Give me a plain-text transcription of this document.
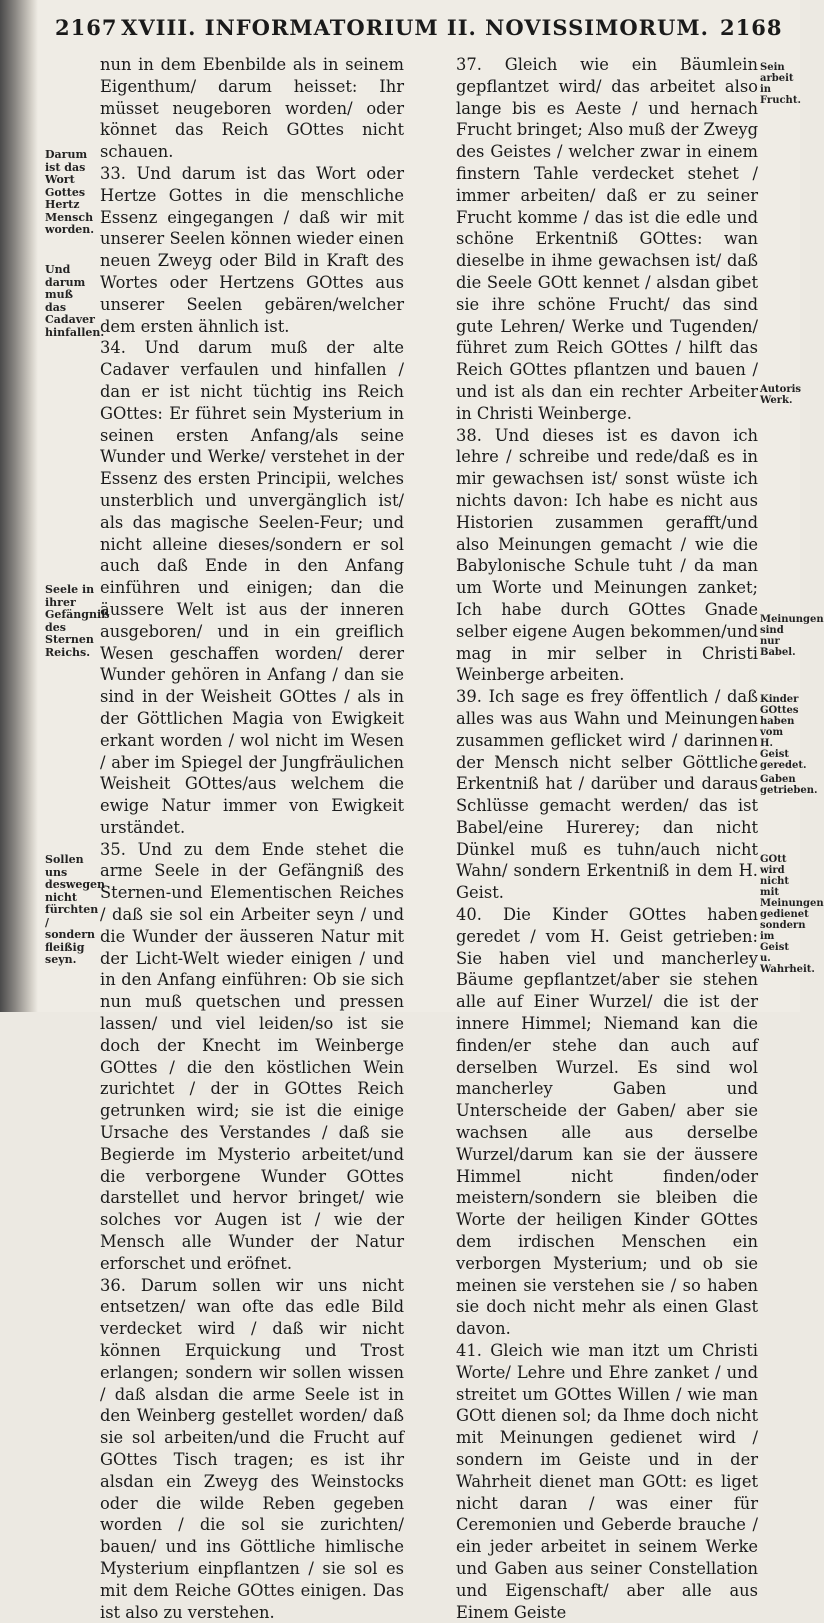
2167 XVIII. INFORMATORIUM II. NOVISSIMORUM. 2168
Darum ist das Wort Gottes Hertz Mensch worden.
Und darum muß das Cadaver hinfallen.
Seele in ihrer Gefängniß des Sternen Reichs.
Sollen uns deswegen nicht fürchten / sondern fleißig seyn.

nun in dem Ebenbilde als in seinem Eigenthum/ darum heisset: Ihr müsset neugeboren worden/ oder könnet das Reich GOttes nicht schauen.

33. Und darum ist das Wort oder Hertze Gottes in die menschliche Essenz eingegangen / daß wir mit unserer Seelen können wieder einen neuen Zweyg oder Bild in Kraft des Wortes oder Hertzens GOttes aus unserer Seelen gebären/welcher dem ersten ähnlich ist.

34. Und darum muß der alte Cadaver verfaulen und hinfallen / dan er ist nicht tüchtig ins Reich GOttes: Er führet sein Mysterium in seinen ersten Anfang/als seine Wunder und Werke/ verstehet in der Essenz des ersten Principii, welches unsterblich und unvergänglich ist/ als das magische Seelen-Feur; und nicht alleine dieses/sondern er sol auch daß Ende in den Anfang einführen und einigen; dan die äussere Welt ist aus der inneren ausgeboren/ und in ein greiflich Wesen geschaffen worden/ derer Wunder gehören in Anfang / dan sie sind in der Weisheit GOttes / als in der Göttlichen Magia von Ewigkeit erkant worden / wol nicht im Wesen / aber im Spiegel der Jungfräulichen Weisheit GOttes/aus welchem die ewige Natur immer von Ewigkeit urständet.

35. Und zu dem Ende stehet die arme Seele in der Gefängniß des Sternen-und Elementischen Reiches / daß sie sol ein Arbeiter seyn / und die Wunder der äusseren Natur mit der Licht-Welt wieder einigen / und in den Anfang einführen: Ob sie sich nun muß quetschen und pressen lassen/ und viel leiden/so ist sie doch der Knecht im Weinberge GOttes / die den köstlichen Wein zurichtet / der in GOttes Reich getrunken wird; sie ist die einige Ursache des Verstandes / daß sie Begierde im Mysterio arbeitet/und die verborgene Wunder GOttes darstellet und hervor bringet/ wie solches vor Augen ist / wie der Mensch alle Wunder der Natur erforschet und eröfnet.

36. Darum sollen wir uns nicht entsetzen/ wan ofte das edle Bild verdecket wird / daß wir nicht können Erquickung und Trost erlangen; sondern wir sollen wissen / daß alsdan die arme Seele ist in den Weinberg gestellet worden/ daß sie sol arbeiten/und die Frucht auf GOttes Tisch tragen; es ist ihr alsdan ein Zweyg des Weinstocks oder die wilde Reben gegeben worden / die sol sie zurichten/ bauen/ und ins Göttliche himlische Mysterium einpflantzen / sie sol es mit dem Reiche GOttes einigen. Das ist also zu verstehen.

37. Gleich wie ein Bäumlein gepflantzet wird/ das arbeitet also lange bis es Aeste / und hernach Frucht bringet; Also muß der Zweyg des Geistes / welcher zwar in einem finstern Tahle verdecket stehet / immer arbeiten/ daß er zu seiner Frucht komme / das ist die edle und schöne Erkentniß GOttes: wan dieselbe in ihme gewachsen ist/ daß die Seele GOtt kennet / alsdan gibet sie ihre schöne Frucht/ das sind gute Lehren/ Werke und Tugenden/ führet zum Reich GOttes / hilft das Reich GOttes pflantzen und bauen / und ist als dan ein rechter Arbeiter in Christi Weinberge.

38. Und dieses ist es davon ich lehre / schreibe und rede/daß es in mir gewachsen ist/ sonst wüste ich nichts davon: Ich habe es nicht aus Historien zusammen gerafft/und also Meinungen gemacht / wie die Babylonische Schule tuht / da man um Worte und Meinungen zanket; Ich habe durch GOttes Gnade selber eigene Augen bekommen/und mag in mir selber in Christi Weinberge arbeiten.

39. Ich sage es frey öffentlich / daß alles was aus Wahn und Meinungen zusammen geflicket wird / darinnen der Mensch nicht selber Göttliche Erkentniß hat / darüber und daraus Schlüsse gemacht werden/ das ist Babel/eine Hurerey; dan nicht Dünkel muß es tuhn/auch nicht Wahn/ sondern Erkentniß in dem H. Geist.

40. Die Kinder GOttes haben geredet / vom H. Geist getrieben: Sie haben viel und mancherley Bäume gepflantzet/aber sie stehen alle auf Einer Wurzel/ die ist der innere Himmel; Niemand kan die finden/er stehe dan auch auf derselben Wurzel. Es sind wol mancherley Gaben und Unterscheide der Gaben/ aber sie wachsen alle aus derselbe Wurzel/darum kan sie der äussere Himmel nicht finden/oder meistern/sondern sie bleiben die Worte der heiligen Kinder GOttes dem irdischen Menschen ein verborgen Mysterium; und ob sie meinen sie verstehen sie / so haben sie doch nicht mehr als einen Glast davon.

41. Gleich wie man itzt um Christi Worte/ Lehre und Ehre zanket / und streitet um GOttes Willen / wie man GOtt dienen sol; da Ihme doch nicht mit Meinungen gedienet wird / sondern im Geiste und in der Wahrheit dienet man GOtt: es liget nicht daran / was einer für Ceremonien und Geberde brauche / ein jeder arbeitet in seinem Werke und Gaben aus seiner Constellation und Eigenschaft/ aber alle aus Einem Geiste

Sein arbeit in Frucht.
Autoris Werk.
Meinungen sind nur Babel.
Kinder GOttes haben vom H. Geist geredet.
Gaben getrieben.
GOtt wird nicht mit Meinungen gedienet sondern im Geist u. Wahrheit.
